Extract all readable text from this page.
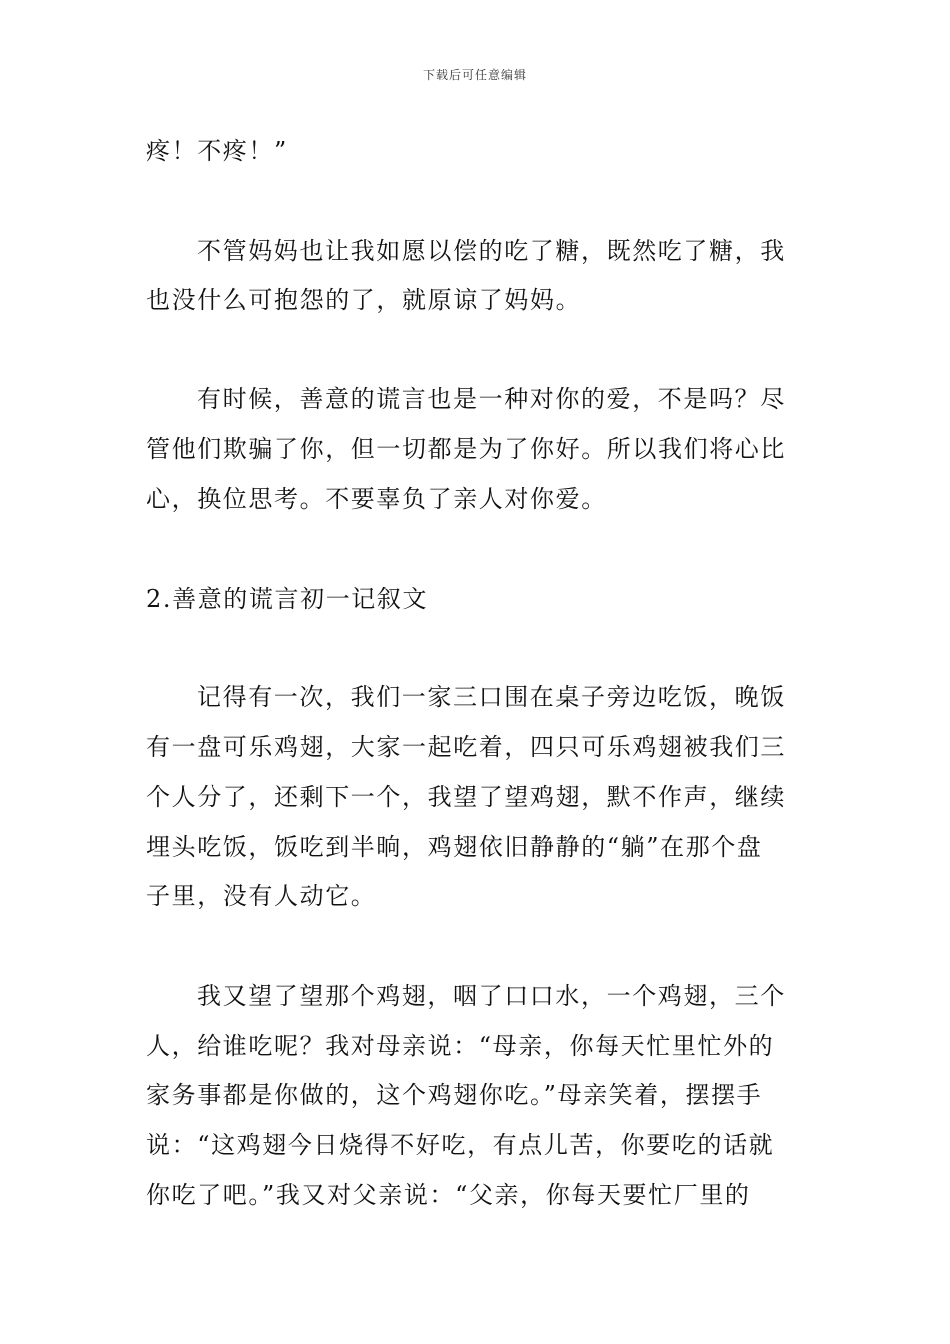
下载后可任意编辑
疼！不疼！”
不管妈妈也让我如愿以偿的吃了糖，既然吃了糖，我
也没什么可抱怨的了，就原谅了妈妈。
有时候，善意的谎言也是一种对你的爱，不是吗？尽
管他们欺骗了你，但一切都是为了你好。所以我们将心比
心，换位思考。不要辜负了亲人对你爱。
2.善意的谎言初一记叙文
记得有一次，我们一家三口围在桌子旁边吃饭，晚饭
有一盘可乐鸡翅，大家一起吃着，四只可乐鸡翅被我们三
个人分了，还剩下一个，我望了望鸡翅，默不作声，继续
埋头吃饭，饭吃到半晌，鸡翅依旧静静的“躺”在那个盘
子里，没有人动它。
我又望了望那个鸡翅，咽了口口水，一个鸡翅，三个
人，给谁吃呢？我对母亲说：“母亲，你每天忙里忙外的
家务事都是你做的，这个鸡翅你吃。”母亲笑着，摆摆手
说：“这鸡翅今日烧得不好吃，有点儿苦，你要吃的话就
你吃了吧。”我又对父亲说：“父亲，你每天要忙厂里的
